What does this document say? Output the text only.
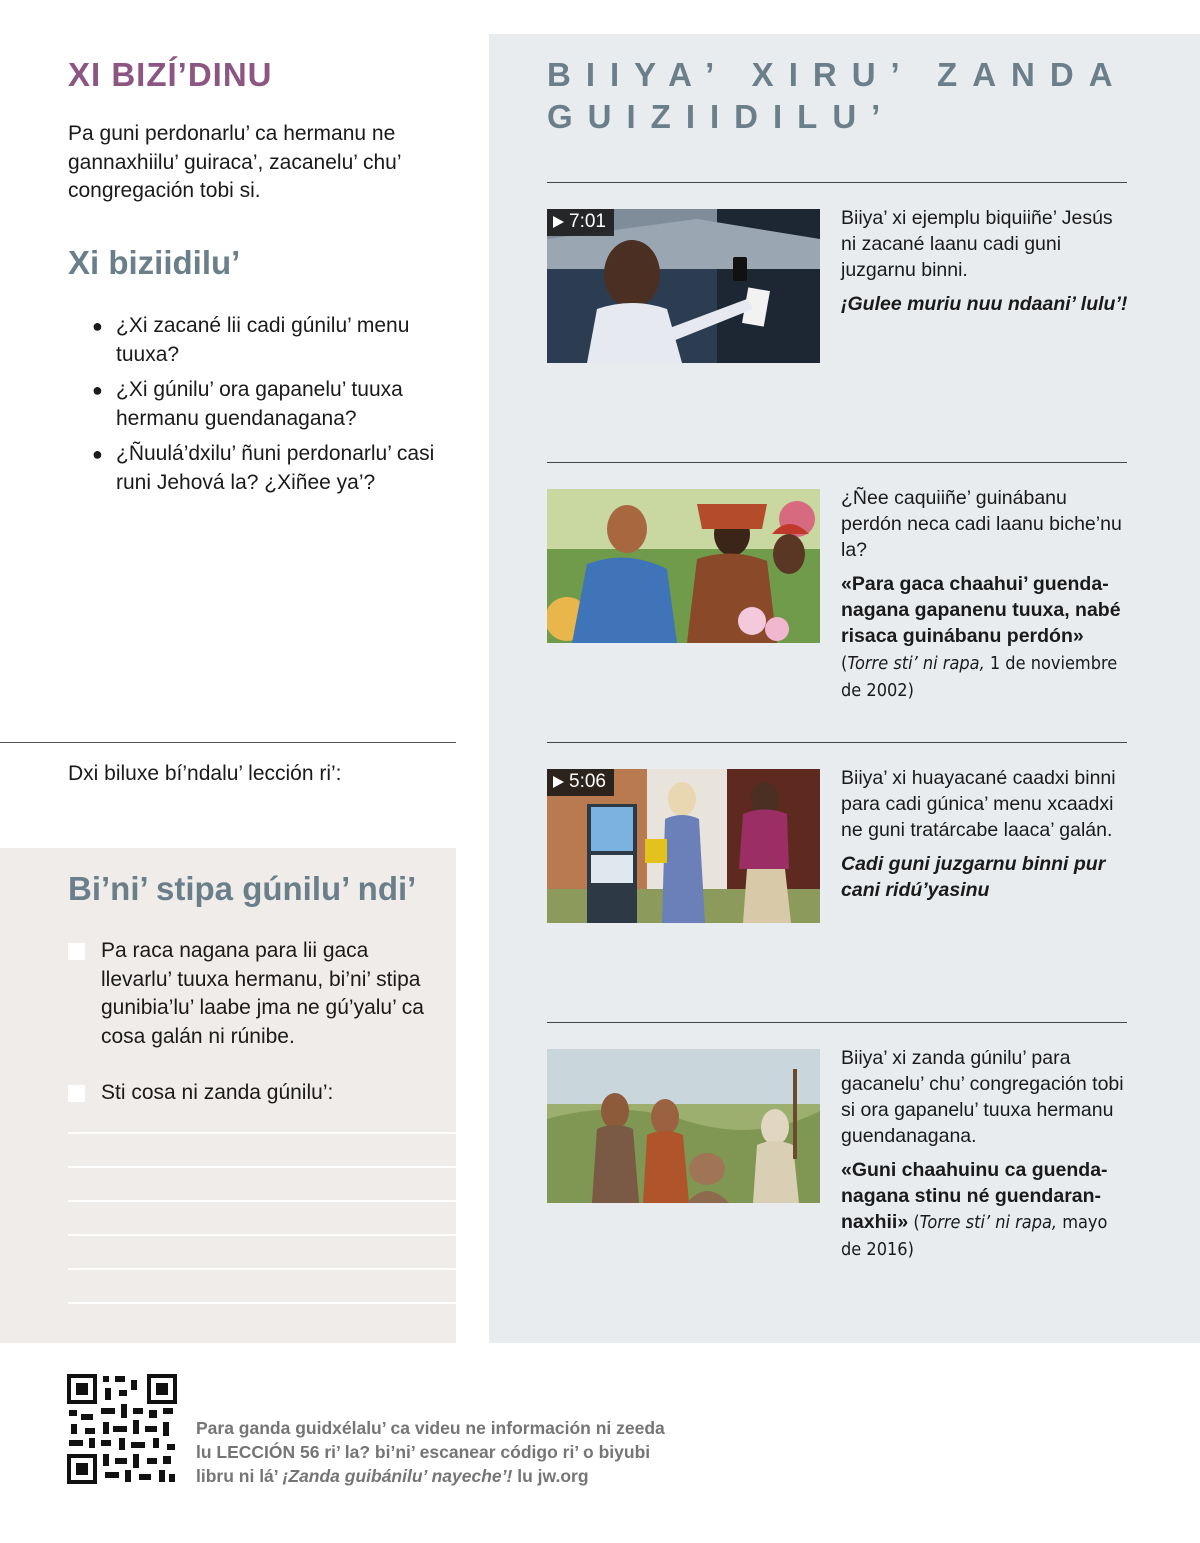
XI BIZÍ’DINU

Pa guni perdonarlu’ ca hermanu ne gannaxhiilu’ guiraca’, zacanelu’ chu’ congregación tobi si.

Xi biziidilu’
● ¿Xi zacané lii cadi gúnilu’ menu tuuxa?
● ¿Xi gúnilu’ ora gapanelu’ tuuxa hermanu guendanagana?
● ¿Ñuulá’dxilu’ ñuni perdonarlu’ casi runi Jehová la? ¿Xiñee ya’?
Dxi biluxe bí’ndalu’ lección ri’:
Bi’ni’ stipa gúnilu’ ndi’
Pa raca nagana para lii gaca llevarlu’ tuuxa hermanu, bi’ni’ stipa gunibia’lu’ laabe jma ne gú’yalu’ ca cosa galán ni rúnibe.
Sti cosa ni zanda gúnilu’:
BIIYA’ XIRU’ ZANDA GUIZIIDILU’
7:01	Biiya’ xi ejemplu biquiiñe’ Jesús ni zacané laanu cadi guni juzgarnu binni.
¡Gulee muriu nuu ndaani’ lulu’!
¿Ñee caquiiñe’ guinábanu perdón neca cadi laanu biche’nu la?
«Para gaca chaahui’ guendanagana gapanenu tuuxa, nabé risaca guinábanu perdón»
(Torre sti’ ni rapa, 1 de noviembre de 2002)
5:06	Biiya’ xi huayacané caadxi binni para cadi gúnica’ menu xcaadxi ne guni tratárcabe laaca’ galán.
Cadi guni juzgarnu binni pur cani ridú’yasinu
Biiya’ xi zanda gúnilu’ para gacanelu’ chu’ congregación tobi si ora gapanelu’ tuuxa hermanu guendanagana.
«Guni chaahuinu ca guendanagana stinu né guendarannaxhii» (Torre sti’ ni rapa, mayo de 2016)
Para ganda guidxélalu’ ca videu ne información ni zeeda
lu LECCIÓN 56 ri’ la? bi’ni’ escanear código ri’ o biyubi
libru ni lá’ ¡Zanda guibánilu’ nayeche’! lu jw.org
